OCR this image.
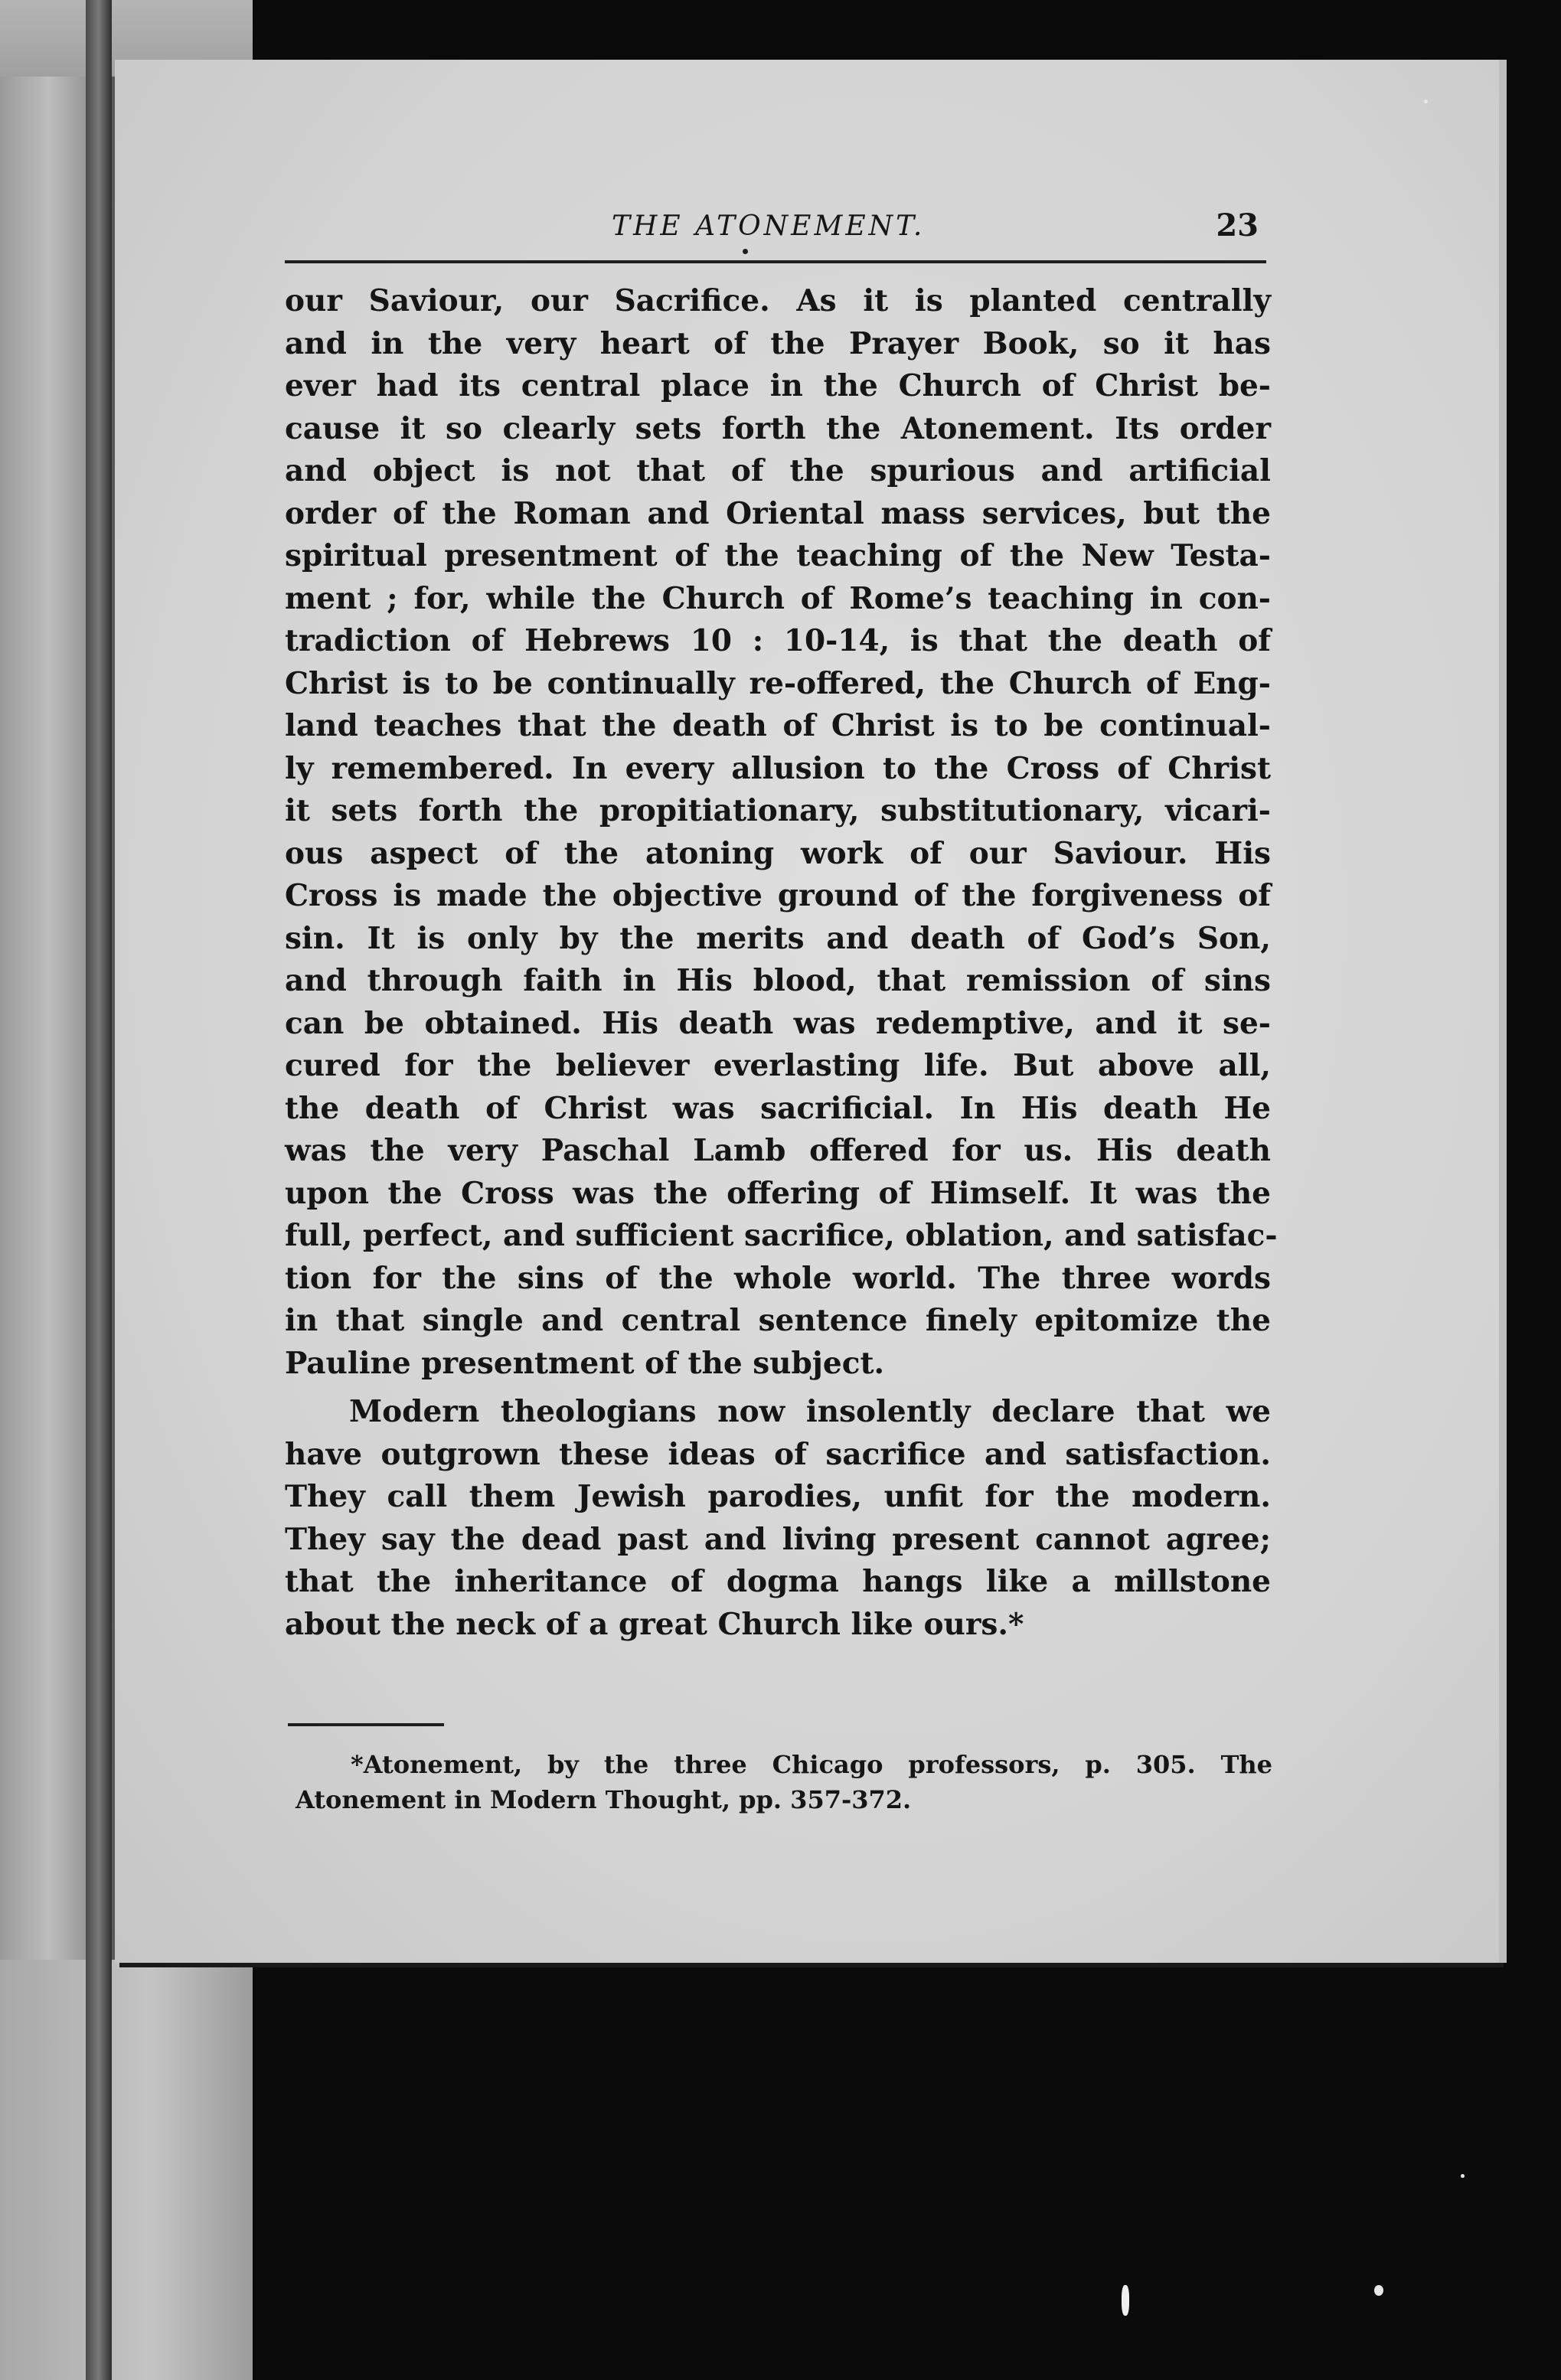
THE ATONEMENT.	23
our Saviour, our Sacrifice. As it is planted centrally
and in the very heart of the Prayer Book, so it has
ever had its central place in the Church of Christ be-
cause it so clearly sets forth the Atonement. Its order
and object is not that of the spurious and artificial
order of the Roman and Oriental mass services, but the
spiritual presentment of the teaching of the New Testa-
ment ; for, while the Church of Rome’s teaching in con-
tradiction of Hebrews 10 : 10-14, is that the death of
Christ is to be continually re-offered, the Church of Eng-
land teaches that the death of Christ is to be continual-
ly remembered. In every allusion to the Cross of Christ
it sets forth the propitiationary, substitutionary, vicari-
ous aspect of the atoning work of our Saviour. His
Cross is made the objective ground of the forgiveness of
sin. It is only by the merits and death of God’s Son,
and through faith in His blood, that remission of sins
can be obtained. His death was redemptive, and it se-
cured for the believer everlasting life. But above all,
the death of Christ was sacrificial. In His death He
was the very Paschal Lamb offered for us. His death
upon the Cross was the offering of Himself. It was the
full, perfect, and sufficient sacrifice, oblation, and satisfac-
tion for the sins of the whole world. The three words
in that single and central sentence finely epitomize the
Pauline presentment of the subject.
Modern theologians now insolently declare that we
have outgrown these ideas of sacrifice and satisfaction.
They call them Jewish parodies, unfit for the modern.
They say the dead past and living present cannot agree;
that the inheritance of dogma hangs like a millstone
about the neck of a great Church like ours.*
*Atonement, by the three Chicago professors, p. 305. The
Atonement in Modern Thought, pp. 357-372.
